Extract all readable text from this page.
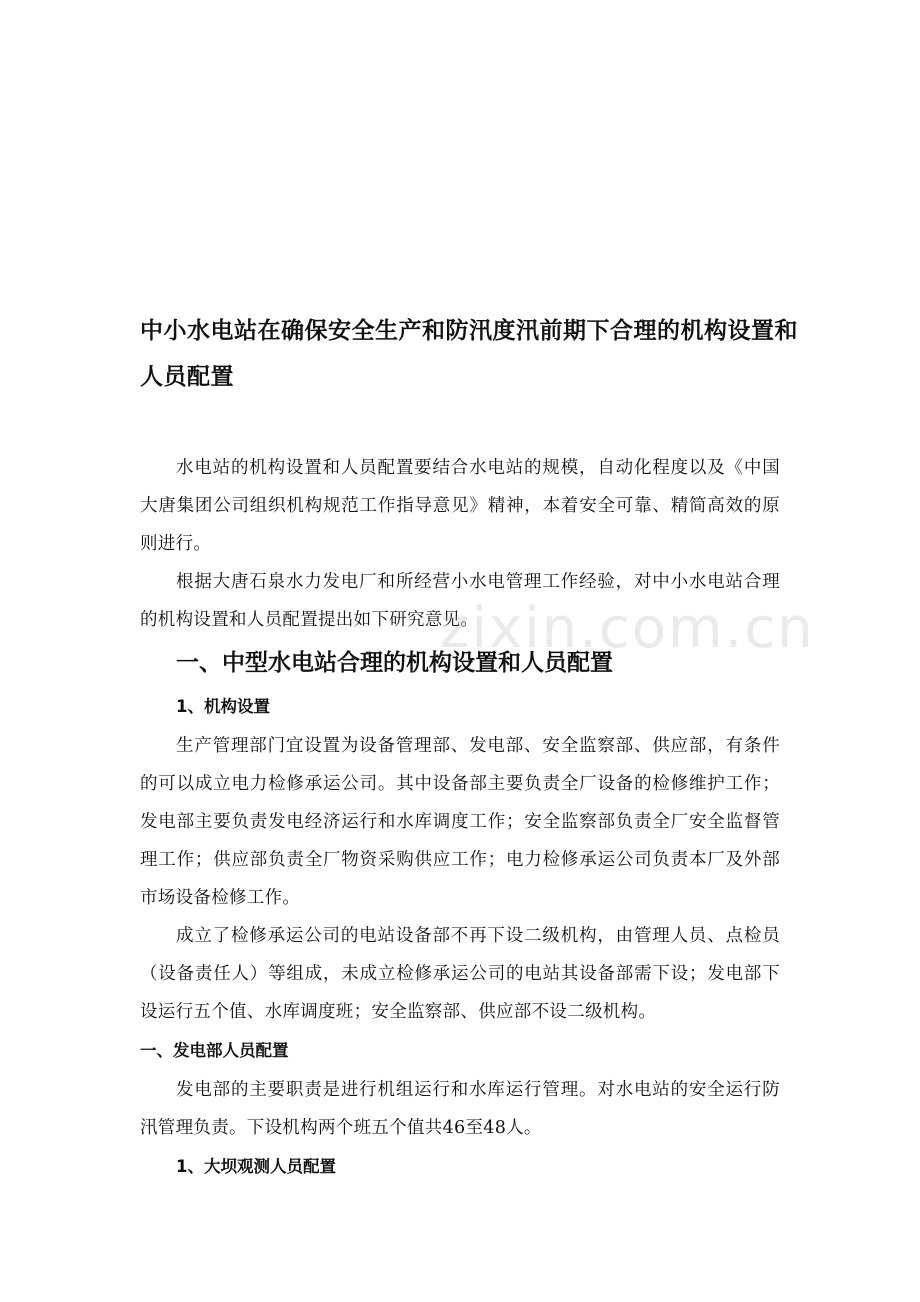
中小水电站在确保安全生产和防汛度汛前期下合理的机构设置和人员配置

水电站的机构设置和人员配置要结合水电站的规模，自动化程度以及《中国大唐集团公司组织机构规范工作指导意见》精神，本着安全可靠、精简高效的原则进行。

根据大唐石泉水力发电厂和所经营小水电管理工作经验，对中小水电站合理的机构设置和人员配置提出如下研究意见。

一、中型水电站合理的机构设置和人员配置
1、机构设置

生产管理部门宜设置为设备管理部、发电部、安全监察部、供应部，有条件的可以成立电力检修承运公司。其中设备部主要负责全厂设备的检修维护工作；发电部主要负责发电经济运行和水库调度工作；安全监察部负责全厂安全监督管理工作；供应部负责全厂物资采购供应工作；电力检修承运公司负责本厂及外部市场设备检修工作。

成立了检修承运公司的电站设备部不再下设二级机构，由管理人员、点检员（设备责任人）等组成，未成立检修承运公司的电站其设备部需下设；发电部下设运行五个值、水库调度班；安全监察部、供应部不设二级机构。

一、发电部人员配置

发电部的主要职责是进行机组运行和水库运行管理。对水电站的安全运行防汛管理负责。下设机构两个班五个值共46至48人。

1、大坝观测人员配置
zixin.com.cn
